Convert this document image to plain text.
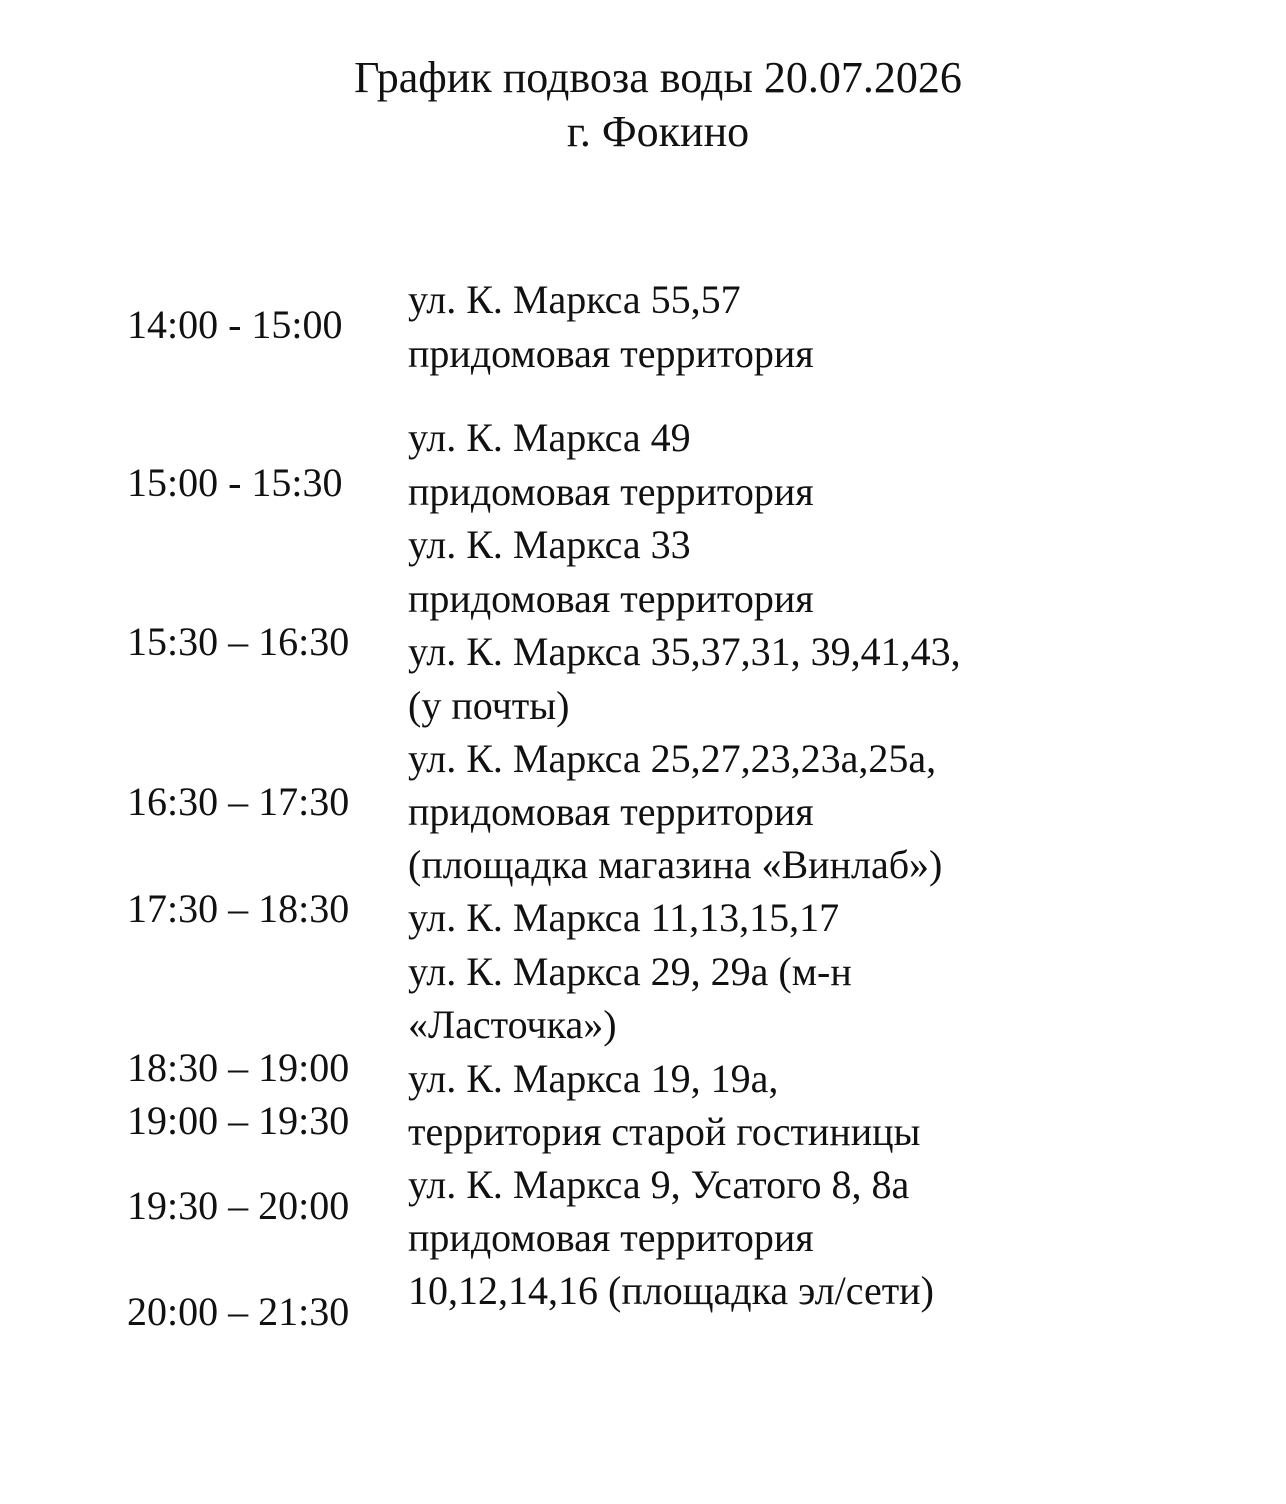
График подвоза воды 20.07.2026
г. Фокино
14:00 - 15:00
15:00 - 15:30
15:30 – 16:30
16:30 – 17:30
17:30 – 18:30
18:30 – 19:00
19:00 – 19:30
19:30 – 20:00
20:00 – 21:30
ул. К. Маркса 55,57
придомовая территория
ул. К. Маркса 49
придомовая территория
ул. К. Маркса 33
придомовая территория
ул. К. Маркса 35,37,31, 39,41,43,
(у почты)
ул. К. Маркса 25,27,23,23а,25а,
придомовая территория
(площадка магазина «Винлаб»)
ул. К. Маркса 11,13,15,17
ул. К. Маркса 29, 29а (м-н
«Ласточка»)
ул. К. Маркса 19, 19а,
территория старой гостиницы
ул. К. Маркса 9, Усатого 8, 8а
придомовая территория
10,12,14,16 (площадка эл/сети)
